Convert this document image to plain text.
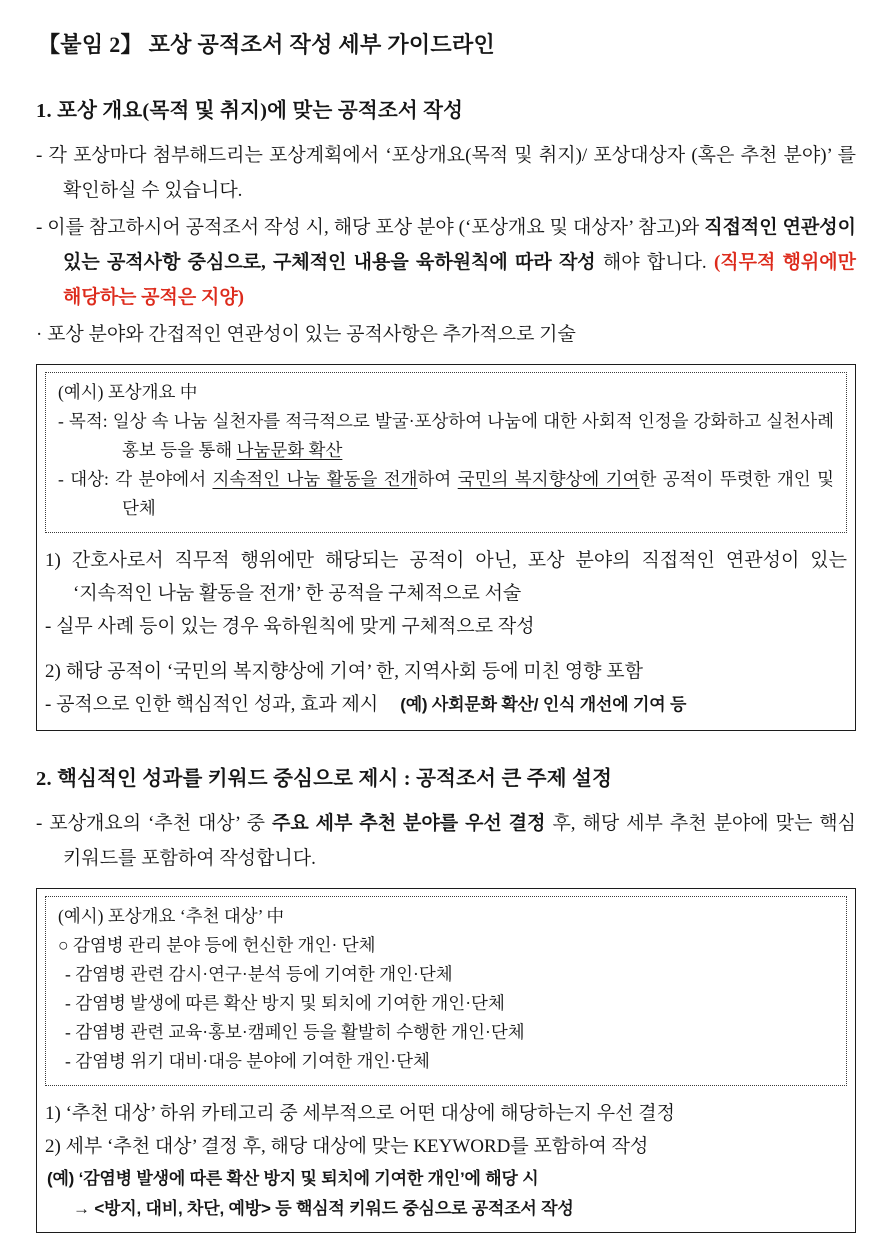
【붙임 2】 포상 공적조서 작성 세부 가이드라인
1. 포상 개요(목적 및 취지)에 맞는 공적조서 작성

- 각 포상마다 첨부해드리는 포상계획에서 ‘포상개요(목적 및 취지)/ 포상대상자 (혹은 추천 분야)’ 를 확인하실 수 있습니다.

- 이를 참고하시어 공적조서 작성 시, 해당 포상 분야 (‘포상개요 및 대상자’ 참고)와 직접적인 연관성이 있는 공적사항 중심으로, 구체적인 내용을 육하원칙에 따라 작성 해야 합니다. (직무적 행위에만 해당하는 공적은 지양)

· 포상 분야와 간접적인 연관성이 있는 공적사항은 추가적으로 기술

(예시) 포상개요 中

- 목적: 일상 속 나눔 실천자를 적극적으로 발굴·포상하여 나눔에 대한 사회적 인정을 강화하고 실천사례 홍보 등을 통해 나눔문화 확산

- 대상: 각 분야에서 지속적인 나눔 활동을 전개하여 국민의 복지향상에 기여한 공적이 뚜렷한 개인 및 단체

1) 간호사로서 직무적 행위에만 해당되는 공적이 아닌, 포상 분야의 직접적인 연관성이 있는 ‘지속적인 나눔 활동을 전개’ 한 공적을 구체적으로 서술

- 실무 사례 등이 있는 경우 육하원칙에 맞게 구체적으로 작성

2) 해당 공적이 ‘국민의 복지향상에 기여’ 한, 지역사회 등에 미친 영향 포함

- 공적으로 인한 핵심적인 성과, 효과 제시 (예) 사회문화 확산/ 인식 개선에 기여 등

2. 핵심적인 성과를 키워드 중심으로 제시 : 공적조서 큰 주제 설정

- 포상개요의 ‘추천 대상’ 중 주요 세부 추천 분야를 우선 결정 후, 해당 세부 추천 분야에 맞는 핵심 키워드를 포함하여 작성합니다.

(예시) 포상개요 ‘추천 대상’ 中

○ 감염병 관리 분야 등에 헌신한 개인· 단체

- 감염병 관련 감시·연구·분석 등에 기여한 개인·단체

- 감염병 발생에 따른 확산 방지 및 퇴치에 기여한 개인·단체

- 감염병 관련 교육·홍보·캠페인 등을 활발히 수행한 개인·단체

- 감염병 위기 대비·대응 분야에 기여한 개인·단체

1) ‘추천 대상’ 하위 카테고리 중 세부적으로 어떤 대상에 해당하는지 우선 결정

2) 세부 ‘추천 대상’ 결정 후, 해당 대상에 맞는 KEYWORD를 포함하여 작성

(예) ‘감염병 발생에 따른 확산 방지 및 퇴치에 기여한 개인’에 해당 시

→ <방지, 대비, 차단, 예방> 등 핵심적 키워드 중심으로 공적조서 작성
